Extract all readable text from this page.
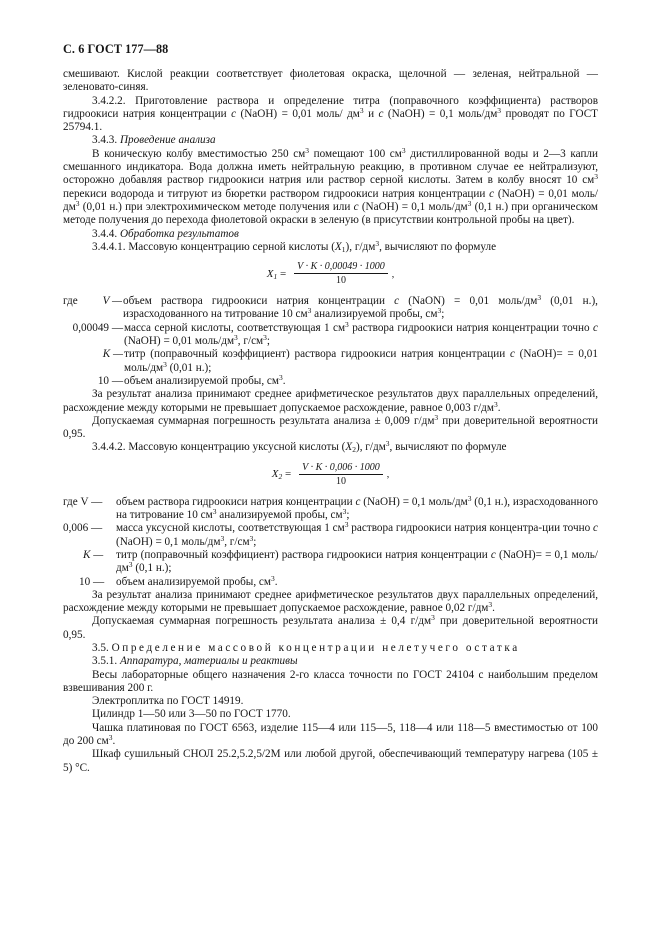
С. 6 ГОСТ 177—88

смешивают. Кислой реакции соответствует фиолетовая окраска, щелочной — зеленая, нейтральной — зеленовато-синяя.

3.4.2.2. Приготовление раствора и определение титра (поправочного коэффициента) растворов гидроокиси натрия концентрации c (NaOH) = 0,01 моль/ $дм^3$ и c (NaOH) = 0,1 моль/$дм^3$ проводят по ГОСТ 25794.1.

3.4.3. Проведение анализа

В коническую колбу вместимостью 250 $см^3$ помещают 100 $см^3$ дистиллированной воды и 2—3 капли смешанного индикатора. Вода должна иметь нейтральную реакцию, в противном случае ее нейтрализуют, осторожно добавляя раствор гидроокиси натрия или раствор серной кислоты. Затем в колбу вносят 10 $см^3$ перекиси водорода и титруют из бюретки раствором гидроокиси натрия концентрации c (NaOH) = 0,01 моль/$дм^3$ (0,01 н.) при электрохимическом методе получения или c (NaOH) = 0,1 моль/$дм^3$ (0,1 н.) при органическом методе получения до перехода фиолетовой окраски в зеленую (в присутствии контрольной пробы на цвет).

3.4.4. Обработка результатов

3.4.4.1. Массовую концентрацию серной кислоты $(X_1)$, $г/дм^3$, вычисляют по формуле

$X_1 = \frac{V \cdot K \cdot 0,00049 \cdot 1000}{10}$ ,
где V — объем раствора гидроокиси натрия концентрации c (NaON) = 0,01 моль/$дм^3$ (0,01 н.), израсходованного на титрование 10 $см^3$ анализируемой пробы, $см^3$;
0,00049 — масса серной кислоты, соответствующая 1 $см^3$ раствора гидроокиси натрия концентрации точно c (NaOH) = 0,01 моль/$дм^3$, $г/см^3$;
K — титр (поправочный коэффициент) раствора гидроокиси натрия концентрации c (NaOH)= = 0,01 моль/$дм^3$ (0,01 н.);
10 — объем анализируемой пробы, $см^3$.

За результат анализа принимают среднее арифметическое результатов двух параллельных определений, расхождение между которыми не превышает допускаемое расхождение, равное 0,003 $г/дм^3$.

Допускаемая суммарная погрешность результата анализа ± 0,009 $г/дм^3$ при доверительной вероятности 0,95.

3.4.4.2. Массовую концентрацию уксусной кислоты $(X_2)$, $г/дм^3$, вычисляют по формуле

$X_2 = \frac{V \cdot K \cdot 0,006 \cdot 1000}{10}$ ,
где V —	объем раствора гидроокиси натрия концентрации c (NaOH) = 0,1 моль/$дм^3$ (0,1 н.), израсходованного на титрование 10 $см^3$ анализируемой пробы, $см^3$;
0,006 —	масса уксусной кислоты, соответствующая 1 $см^3$ раствора гидроокиси натрия концентра-ции точно c (NaOH) = 0,1 моль/$дм^3$, $г/см^3$;
K —	титр (поправочный коэффициент) раствора гидроокиси натрия концентрации c (NaOH)= = 0,1 моль/$дм^3$ (0,1 н.);
10 —	объем анализируемой пробы, $см^3$.

За результат анализа принимают среднее арифметическое результатов двух параллельных определений, расхождение между которыми не превышает допускаемое расхождение, равное 0,02 $г/дм^3$.

Допускаемая суммарная погрешность результата анализа ± 0,4 $г/дм^3$ при доверительной вероятности 0,95.

3.5. Определение массовой концентрации нелетучего остатка

3.5.1. Аппаратура, материалы и реактивы

Весы лабораторные общего назначения 2-го класса точности по ГОСТ 24104 с наибольшим пределом взвешивания 200 г.

Электроплитка по ГОСТ 14919.

Цилиндр 1—50 или 3—50 по ГОСТ 1770.

Чашка платиновая по ГОСТ 6563, изделие 115—4 или 115—5, 118—4 или 118—5 вместимостью от 100 до 200 $см^3$.

Шкаф сушильный СНОЛ 25.2,5.2,5/2М или любой другой, обеспечивающий температуру нагрева (105 ± 5) °С.
